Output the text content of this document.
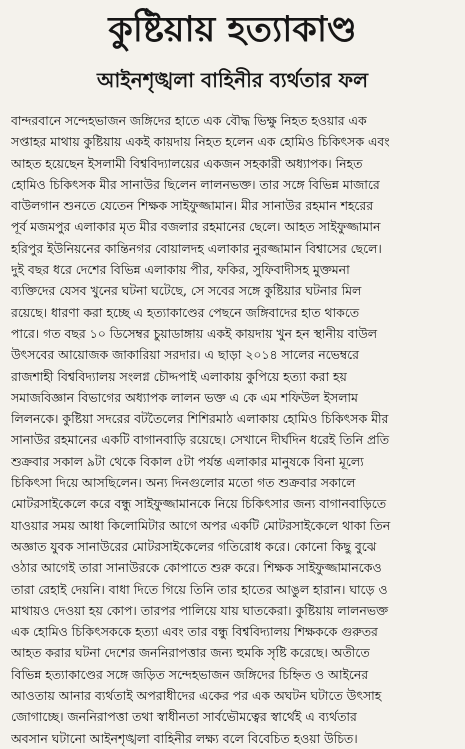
কুষ্টিয়ায় হত্যাকাণ্ড
আইনশৃঙ্খলা বাহিনীর ব্যর্থতার ফল
বান্দরবানে সন্দেহভাজন জঙ্গিদের হাতে এক বৌদ্ধ ভিক্ষু নিহত হওয়ার এক
সপ্তাহর মাথায় কুষ্টিয়ায় একই কায়দায় নিহত হলেন এক হোমিও চিকিৎসক এবং
আহত হয়েছেন ইসলামী বিশ্ববিদ্যালয়ের একজন সহকারী অধ্যাপক। নিহত
হোমিও চিকিৎসক মীর সানাউর ছিলেন লালনভক্ত। তার সঙ্গে বিভিন্ন মাজারে
বাউলগান শুনতে যেতেন শিক্ষক সাইফুজ্জামান। মীর সানাউর রহমান শহরের
পূর্ব মজমপুর এলাকার মৃত মীর বজলার রহমানের ছেলে। আহত সাইফুজ্জামান
হরিপুর ইউনিয়নের কান্তিনগর বোয়ালদহ এলাকার নুরজ্জামান বিশ্বাসের ছেলে।
দুই বছর ধরে দেশের বিভিন্ন এলাকায় পীর, ফকির, সুফিবাদীসহ মুক্তমনা
ব্যক্তিদের যেসব খুনের ঘটনা ঘটেছে, সে সবের সঙ্গে কুষ্টিয়ার ঘটনার মিল
রয়েছে। ধারণা করা হচ্ছে এ হত্যাকাণ্ডের পেছনে জঙ্গিবাদের হাত থাকতে
পারে। গত বছর ১০ ডিসেম্বর চুয়াডাঙ্গায় একই কায়দায় খুন হন স্থানীয় বাউল
উৎসবের আয়োজক জাকারিয়া সরদার। এ ছাড়া ২০১৪ সালের নভেম্বরে
রাজশাহী বিশ্ববিদ্যালয় সংলগ্ন চৌদ্দপাই এলাকায় কুপিয়ে হত্যা করা হয়
সমাজবিজ্ঞান বিভাগের অধ্যাপক লালন ভক্ত এ কে এম শফিউল ইসলাম
লিলনকে। কুষ্টিয়া সদরের বটতৈলের শিশিরমাঠ এলাকায় হোমিও চিকিৎসক মীর
সানাউর রহমানের একটি বাগানবাড়ি রয়েছে। সেখানে দীর্ঘদিন ধরেই তিনি প্রতি
শুক্রবার সকাল ৯টা থেকে বিকাল ৫টা পর্যন্ত এলাকার মানুষকে বিনা মূল্যে
চিকিৎসা দিয়ে আসছিলেন। অন্য দিনগুলোর মতো গত শুক্রবার সকালে
মোটরসাইকেলে করে বন্ধু সাইফুজ্জামানকে নিয়ে চিকিৎসার জন্য বাগানবাড়িতে
যাওয়ার সময় আধা কিলোমিটার আগে অপর একটি মোটরসাইকেলে থাকা তিন
অজ্ঞাত যুবক সানাউরের মোটরসাইকেলের গতিরোধ করে। কোনো কিছু বুঝে
ওঠার আগেই তারা সানাউরকে কোপাতে শুরু করে। শিক্ষক সাইফুজ্জামানকেও
তারা রেহাই দেয়নি। বাধা দিতে গিয়ে তিনি তার হাতের আঙুল হারান। ঘাড়ে ও
মাথায়ও দেওয়া হয় কোপ। তারপর পালিয়ে যায় ঘাতকেরা। কুষ্টিয়ায় লালনভক্ত
এক হোমিও চিকিৎসককে হত্যা এবং তার বন্ধু বিশ্ববিদ্যালয় শিক্ষককে গুরুতর
আহত করার ঘটনা দেশের জননিরাপত্তার জন্য হুমকি সৃষ্টি করেছে। অতীতে
বিভিন্ন হত্যাকাণ্ডের সঙ্গে জড়িত সন্দেহভাজন জঙ্গিদের চিহ্নিত ও আইনের
আওতায় আনার ব্যর্থতাই অপরাধীদের একের পর এক অঘটন ঘটাতে উৎসাহ
জোগাচ্ছে। জননিরাপত্তা তথা স্বাধীনতা সার্বভৌমত্বের স্বার্থেই এ ব্যর্থতার
অবসান ঘটানো আইনশৃঙ্খলা বাহিনীর লক্ষ্য বলে বিবেচিত হওয়া উচিত।
